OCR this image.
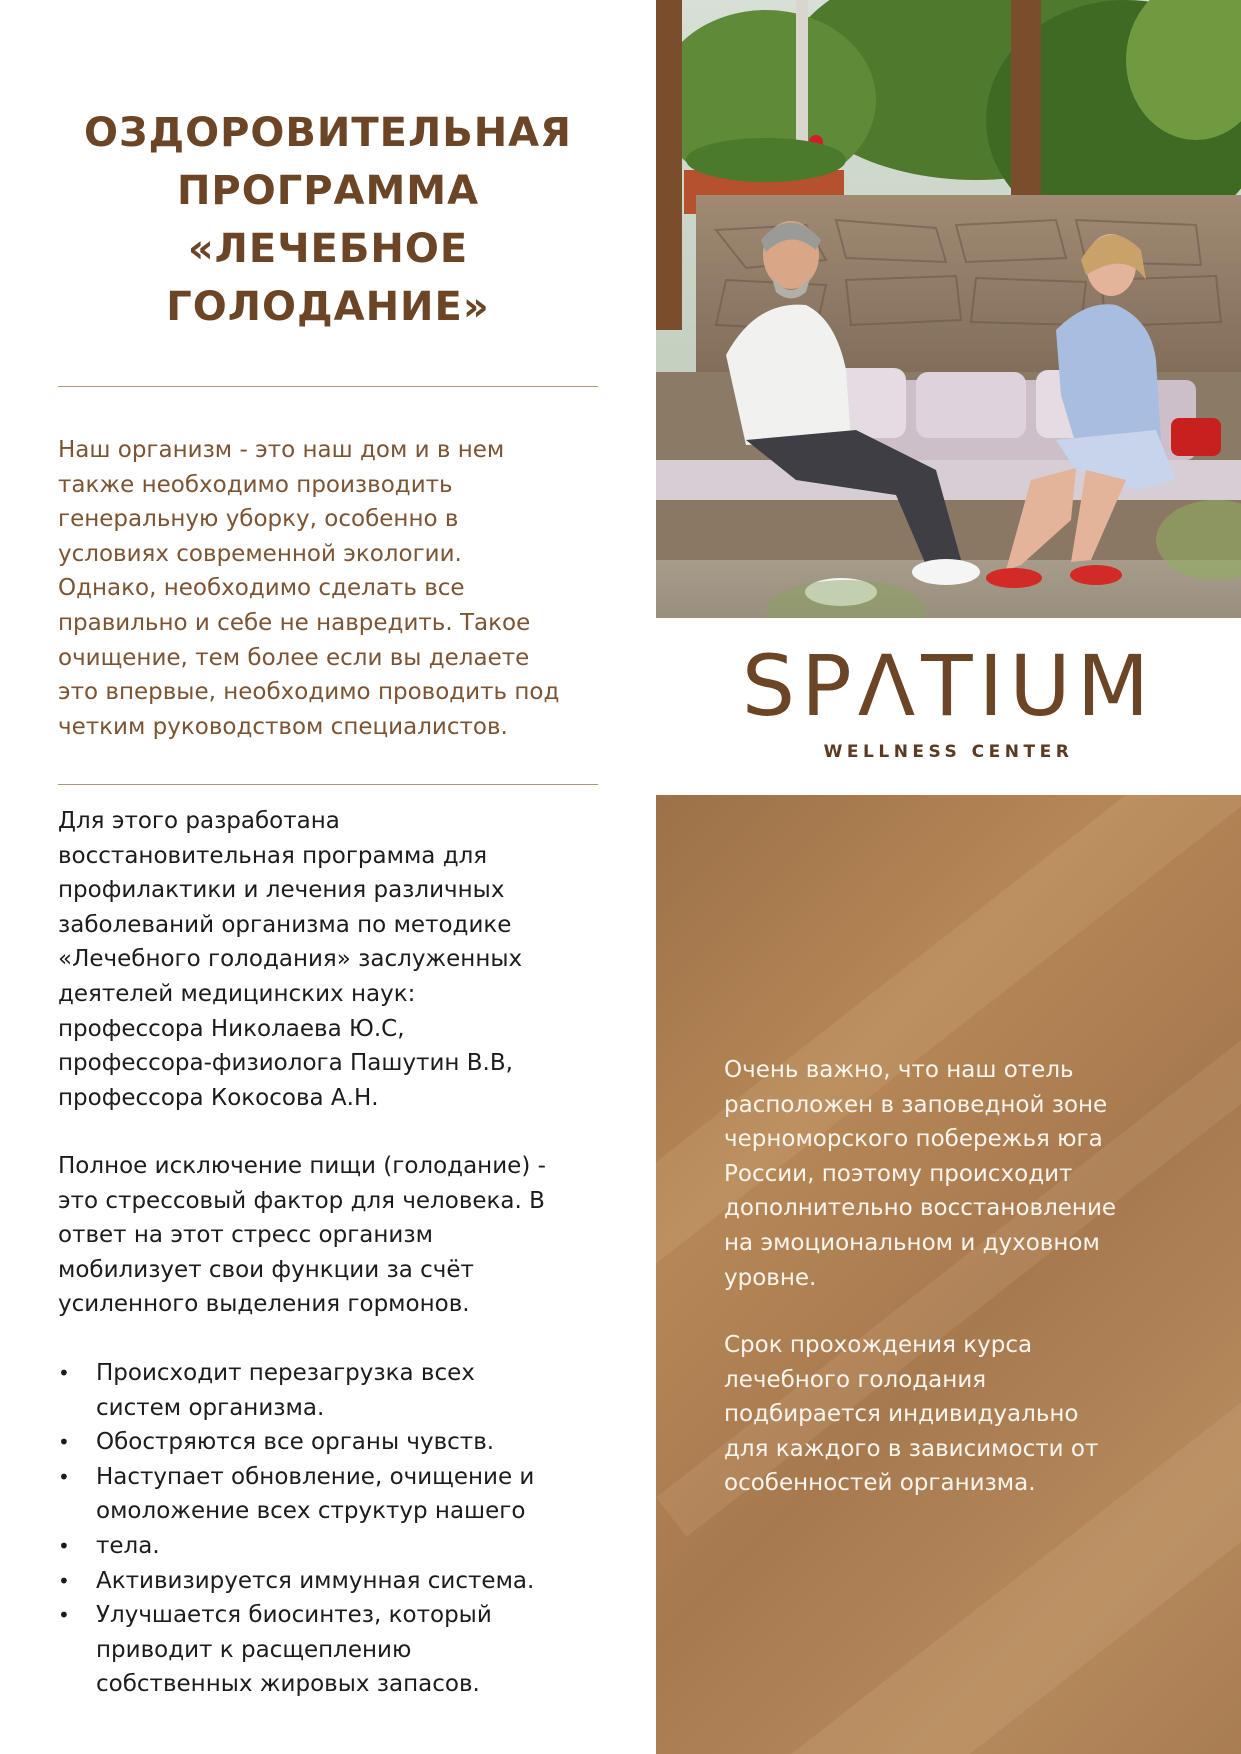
ОЗДОРОВИТЕЛЬНАЯ
ПРОГРАММА
«ЛЕЧЕБНОЕ
ГОЛОДАНИЕ»

Наш организм - это наш дом и в нем
также необходимо производить
генеральную уборку, особенно в
условиях современной экологии.
Однако, необходимо сделать все
правильно и себе не навредить. Такое
очищение, тем более если вы делаете
это впервые, необходимо проводить под
четким руководством специалистов.

Для этого разработана
восстановительная программа для
профилактики и лечения различных
заболеваний организма по методике
«Лечебного голодания» заслуженных
деятелей медицинских наук:
профессора Николаева Ю.С,
профессора-физиолога Пашутин В.В,
профессора Кокосова А.Н.

Полное исключение пищи (голодание) -
это стрессовый фактор для человека. В
ответ на этот стресс организм
мобилизует свои функции за счёт
усиленного выделения гормонов.

• Происходит перезагрузка всех
систем организма.
• Обостряются все органы чувств.
• Наступает обновление, очищение и
омоложение всех структур нашего
• тела.
• Активизируется иммунная система.
• Улучшается биосинтез, который
приводит к расщеплению
собственных жировых запасов.
SPΛTIUM
WELLNESS CENTER

Очень важно, что наш отель
расположен в заповедной зоне
черноморского побережья юга
России, поэтому происходит
дополнительно восстановление
на эмоциональном и духовном
уровне.

Срок прохождения курса
лечебного голодания
подбирается индивидуально
для каждого в зависимости от
особенностей организма.
